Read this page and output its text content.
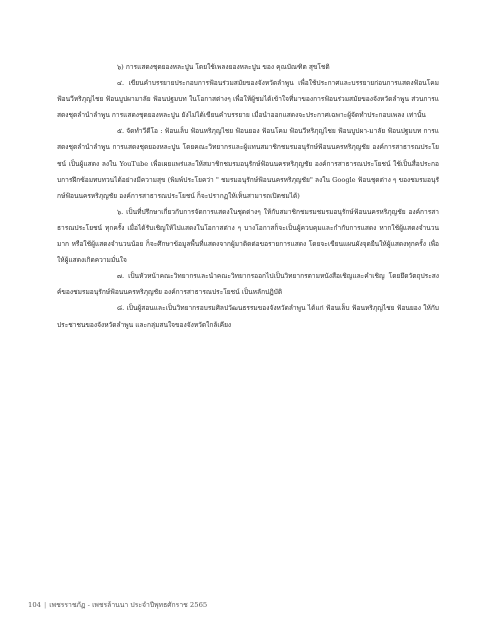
๖) การแสดงชุดยองหละปูน โดยใช้เพลงยองหละปูน ของ คุณบัณฑิต สุขโชติ

๔. เขียนคำบรรยายประกอบการฟ้อนร่วมสมัยของจังหวัดลำพูน เพื่อใช้ประกาศและบรรยายก่อนการแสดงฟ้อนโคม ฟ้อนวีหริภุญไชย ฟ้อนบูปผามาลัย ฟ้อนปฐมบท ในโอกาสต่างๆ เพื่อให้ผู้ชมได้เข้าใจที่มาของการฟ้อนร่วมสมัยของจังหวัดลำพูน ส่วนการแสดงชุดลำนำลำพูน การแสดงชุดยองหละปูน ยังไม่ได้เขียนคำบรรยาย เมื่อนำออกแสดงจะประกาศเฉพาะผู้จัดทำประกอบเพลง เท่านั้น

๕. จัดทำวีดีโอ : ฟ้อนเล็บ ฟ้อนหริภุญไชย ฟ้อนยอง ฟ้อนโคม ฟ้อนวีหริภุญไชย ฟ้อนบูปผา-มาลัย ฟ้อนปฐมบท การแสดงชุดลำนำลำพูน การแสดงชุดยองหละปูน โดยคณะวิทยากรและผู้แทนสมาชิกชมรมอนุรักษ์ฟ้อนนครหริภุญชัย องค์การสาธารณประโยชน์ เป็นผู้แสดง ลงใน YouTube เพื่อเผยแพร่และให้สมาชิกชมรมอนุรักษ์ฟ้อนนครหริภุญชัย องค์การสาธารณประโยชน์ ใช้เป็นสื่อประกอบการฝึกซ้อมทบทวนได้อย่างมีความสุข (พิมพ์ประโยคว่า " ชมรมอนุรักษ์ฟ้อนนครหริภุญชัย" ลงใน Google ฟ้อนชุดต่าง ๆ ของชมรมอนุรักษ์ฟ้อนนครหริภุญชัย องค์การสาธารณประโยชน์ ก็จะปรากฏให้เห็นสามารถเปิดชมได้)

๖. เป็นที่ปรึกษาเกี่ยวกับการจัดการแสดงในชุดต่างๆ ให้กับสมาชิกชมรมชมรมอนุรักษ์ฟ้อนนครหริภุญชัย องค์การสาธารณประโยชน์ ทุกครั้ง เมื่อได้รับเชิญให้ไปแสดงในโอกาสต่าง ๆ บางโอกาสก็จะเป็นผู้ควบคุมและกำกับการแสดง หากใช้ผู้แสดงจำนวนมาก หรือใช้ผู้แสดงจำนวนน้อย ก็จะศึกษาข้อมูลพื้นที่แสดงจากผู้มาติดต่อขอรายการแสดง โดยจะเขียนแผนผังจุดยืนให้ผู้แสดงทุกครั้ง เพื่อให้ผู้แสดงเกิดความมั่นใจ

๗. เป็นหัวหน้าคณะวิทยากรและนำคณะวิทยากรออกไปเป็นวิทยากรตามหนังสือเชิญและคำเชิญ โดยยึดวัตถุประสงค์ของชมรมอนุรักษ์ฟ้อนนครหริภุญชัย องค์การสาธารณประโยชน์ เป็นหลักปฏิบัติ

๘. เป็นผู้สอนและเป็นวิทยากรอบรมศิลปวัฒนธรรมของจังหวัดลำพูน ได้แก่ ฟ้อนเล็บ ฟ้อนหริภุญไชย ฟ้อนยอง ให้กับประชาชนของจังหวัดลำพูน และกลุ่มสนใจของจังหวัดใกล้เคียง

104 | เพชรราชภัฏ - เพชรล้านนา ประจำปีพุทธศักราช 2565
